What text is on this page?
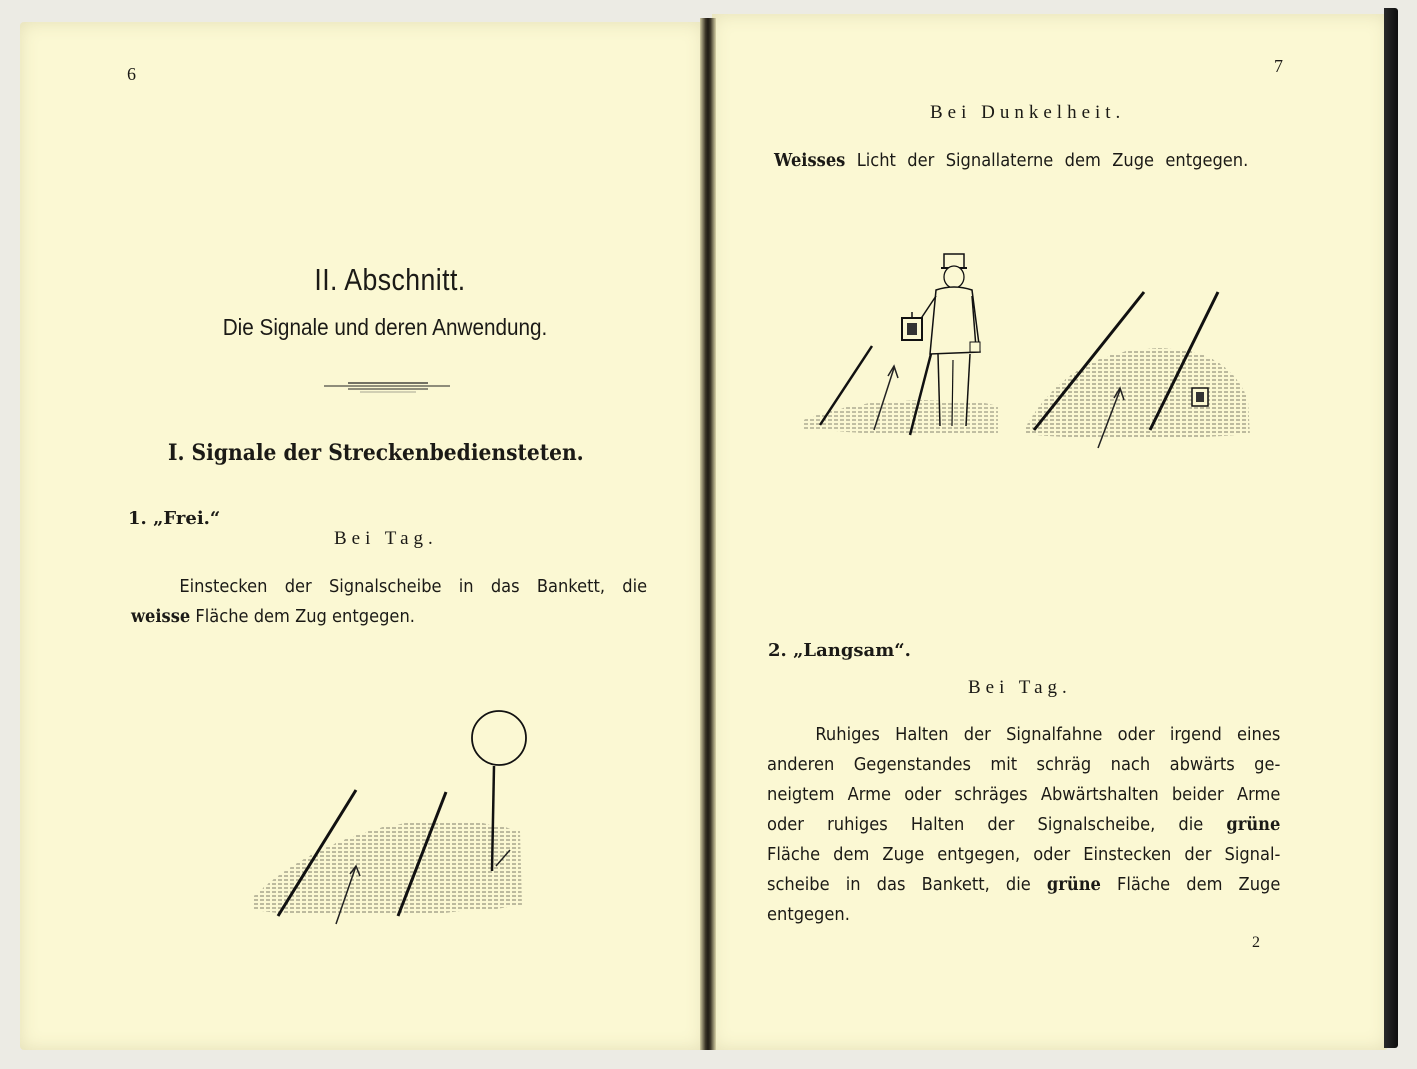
6
II. Abschnitt.
Die Signale und deren Anwendung.
I. Signale der Streckenbediensteten.
1. „Frei.“
Bei Tag.
Einstecken der Signalscheibe in das Bankett, die
weisse Fläche dem Zug entgegen.
7
Bei Dunkelheit.
Weisses Licht der Signallaterne dem Zuge entgegen.
2. „Langsam“.
Bei Tag.
Ruhiges Halten der Signalfahne oder irgend eines
anderen Gegenstandes mit schräg nach abwärts ge-
neigtem Arme oder schräges Abwärtshalten beider Arme
oder ruhiges Halten der Signalscheibe, die grüne
Fläche dem Zuge entgegen, oder Einstecken der Signal-
scheibe in das Bankett, die grüne Fläche dem Zuge
entgegen.
2
